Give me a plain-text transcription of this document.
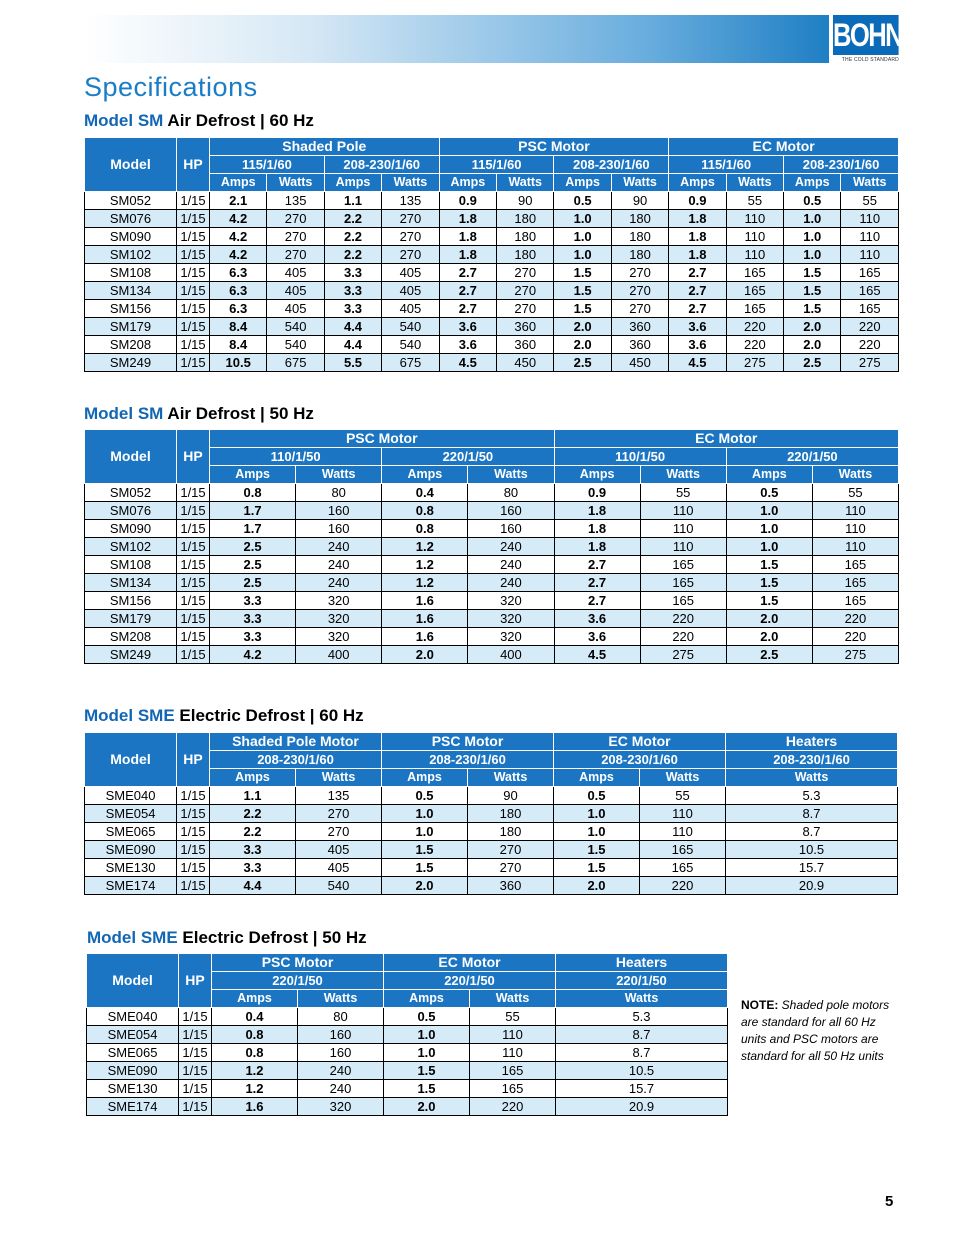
BOHN
THE COLD STANDARD
Specifications
Model SM Air Defrost | 60 Hz
Model	HP	Shaded Pole				PSC Motor				EC Motor			
		115/1/60		208-230/1/60		115/1/60		208-230/1/60		115/1/60		208-230/1/60	
		Amps	Watts	Amps	Watts	Amps	Watts	Amps	Watts	Amps	Watts	Amps	Watts
SM052	1/15	2.1	135	1.1	135	0.9	90	0.5	90	0.9	55	0.5	55
SM076	1/15	4.2	270	2.2	270	1.8	180	1.0	180	1.8	110	1.0	110
SM090	1/15	4.2	270	2.2	270	1.8	180	1.0	180	1.8	110	1.0	110
SM102	1/15	4.2	270	2.2	270	1.8	180	1.0	180	1.8	110	1.0	110
SM108	1/15	6.3	405	3.3	405	2.7	270	1.5	270	2.7	165	1.5	165
SM134	1/15	6.3	405	3.3	405	2.7	270	1.5	270	2.7	165	1.5	165
SM156	1/15	6.3	405	3.3	405	2.7	270	1.5	270	2.7	165	1.5	165
SM179	1/15	8.4	540	4.4	540	3.6	360	2.0	360	3.6	220	2.0	220
SM208	1/15	8.4	540	4.4	540	3.6	360	2.0	360	3.6	220	2.0	220
SM249	1/15	10.5	675	5.5	675	4.5	450	2.5	450	4.5	275	2.5	275
Model SM Air Defrost | 50 Hz
Model	HP	PSC Motor				EC Motor			
		110/1/50		220/1/50		110/1/50		220/1/50	
		Amps	Watts	Amps	Watts	Amps	Watts	Amps	Watts
SM052	1/15	0.8	80	0.4	80	0.9	55	0.5	55
SM076	1/15	1.7	160	0.8	160	1.8	110	1.0	110
SM090	1/15	1.7	160	0.8	160	1.8	110	1.0	110
SM102	1/15	2.5	240	1.2	240	1.8	110	1.0	110
SM108	1/15	2.5	240	1.2	240	2.7	165	1.5	165
SM134	1/15	2.5	240	1.2	240	2.7	165	1.5	165
SM156	1/15	3.3	320	1.6	320	2.7	165	1.5	165
SM179	1/15	3.3	320	1.6	320	3.6	220	2.0	220
SM208	1/15	3.3	320	1.6	320	3.6	220	2.0	220
SM249	1/15	4.2	400	2.0	400	4.5	275	2.5	275
Model SME Electric Defrost | 60 Hz
Model	HP	Shaded Pole Motor		PSC Motor		EC Motor		Heaters
		208-230/1/60		208-230/1/60		208-230/1/60		208-230/1/60
		Amps	Watts	Amps	Watts	Amps	Watts	Watts
SME040	1/15	1.1	135	0.5	90	0.5	55	5.3
SME054	1/15	2.2	270	1.0	180	1.0	110	8.7
SME065	1/15	2.2	270	1.0	180	1.0	110	8.7
SME090	1/15	3.3	405	1.5	270	1.5	165	10.5
SME130	1/15	3.3	405	1.5	270	1.5	165	15.7
SME174	1/15	4.4	540	2.0	360	2.0	220	20.9
Model SME Electric Defrost | 50 Hz
Model	HP	PSC Motor		EC Motor		Heaters
		220/1/50		220/1/50		220/1/50
		Amps	Watts	Amps	Watts	Watts
SME040	1/15	0.4	80	0.5	55	5.3
SME054	1/15	0.8	160	1.0	110	8.7
SME065	1/15	0.8	160	1.0	110	8.7
SME090	1/15	1.2	240	1.5	165	10.5
SME130	1/15	1.2	240	1.5	165	15.7
SME174	1/15	1.6	320	2.0	220	20.9
NOTE: Shaded pole motors are standard for all 60 Hz units and PSC motors are standard for all 50 Hz units
5
